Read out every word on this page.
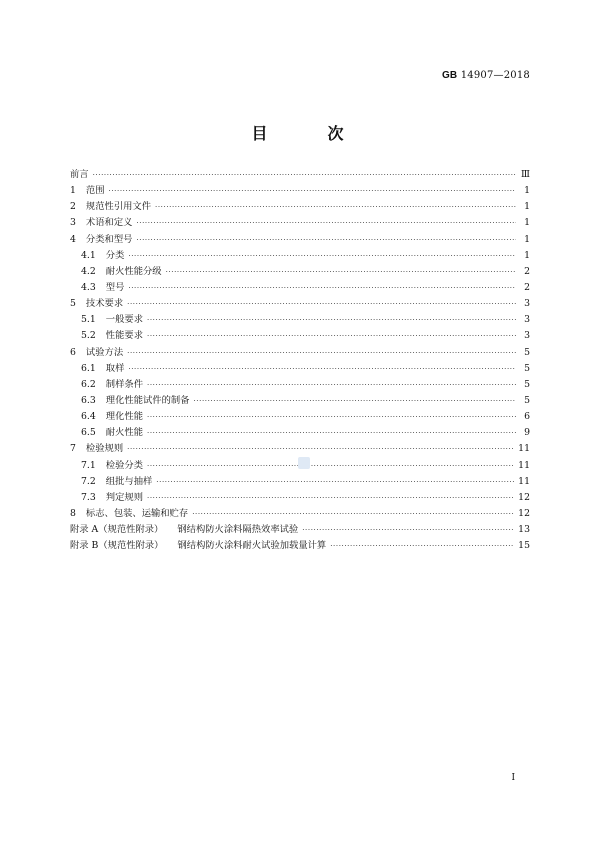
GB 14907—2018
目　次
前言 ·····	Ⅲ
1 范围 ·····	1
2 规范性引用文件 ·····	1
3 术语和定义 ·····	1
4 分类和型号 ·····	1
4.1 分类 ·····	1
4.2 耐火性能分级 ·····	2
4.3 型号 ·····	2
5 技术要求 ·····	3
5.1 一般要求 ·····	3
5.2 性能要求 ·····	3
6 试验方法 ·····	5
6.1 取样 ·····	5
6.2 制样条件 ·····	5
6.3 理化性能试件的制备 ·····	5
6.4 理化性能 ·····	6
6.5 耐火性能 ·····	9
7 检验规则 ·····	11
7.1 检验分类 ·····	11
7.2 组批与抽样 ·····	11
7.3 判定规则 ·····	12
8 标志、包装、运输和贮存 ·····	12
附录 A（规范性附录） 钢结构防火涂料隔热效率试验 ·····	13
附录 B（规范性附录） 钢结构防火涂料耐火试验加载量计算 ·····	15
I
